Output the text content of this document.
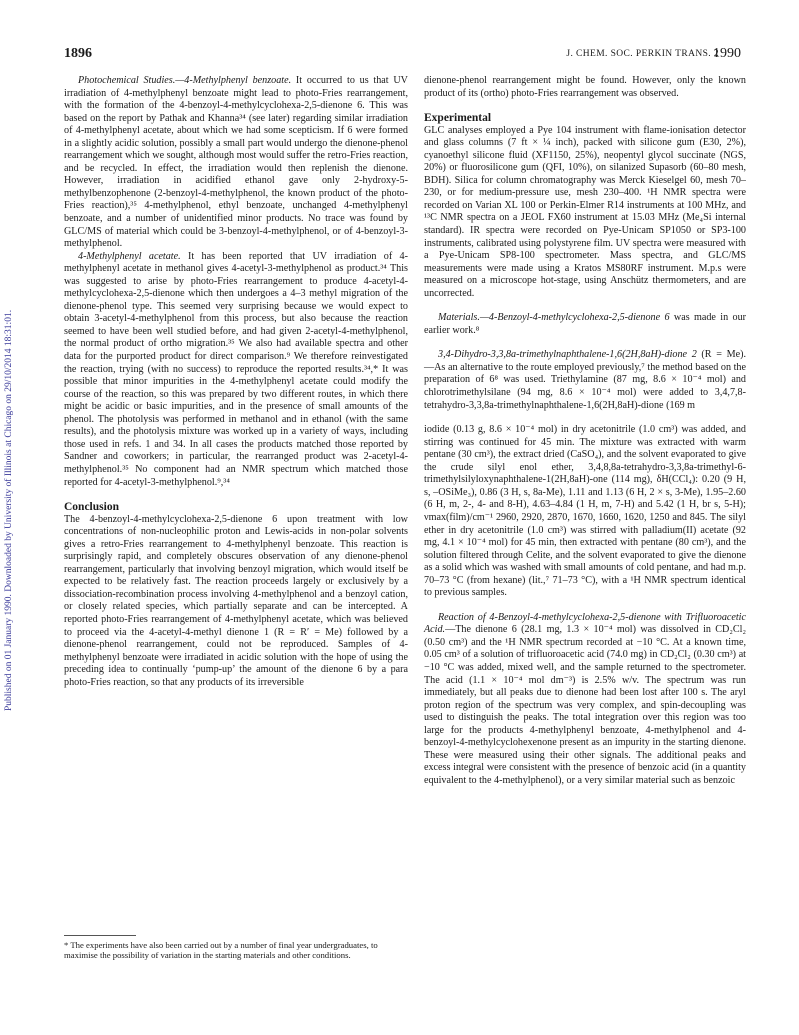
Published on 01 January 1990. Downloaded by University of Illinois at Chicago on 29/10/2014 18:31:01.
1896	J. CHEM. SOC. PERKIN TRANS. 2
1990

Photochemical Studies.—4-Methylphenyl benzoate. It occurred to us that UV irradiation of 4-methylphenyl benzoate might lead to photo-Fries rearrangement, with the formation of the 4-benzoyl-4-methylcyclohexa-2,5-dienone 6. This was based on the report by Pathak and Khanna³⁴ (see later) regarding similar irradiation of 4-methylphenyl acetate, about which we had some scepticism. If 6 were formed in a slightly acidic solution, possibly a small part would undergo the dienone-phenol rearrangement which we sought, although most would suffer the retro-Fries reaction, and be recycled. In effect, the irradiation would then replenish the dienone. However, irradiation in acidified ethanol gave only 2-hydroxy-5-methylbenzophenone (2-benzoyl-4-methylphenol, the known product of the photo-Fries reaction),³⁵ 4-methylphenol, ethyl benzoate, unchanged 4-methylphenyl benzoate, and a number of unidentified minor products. No trace was found by GLC/MS of material which could be 3-benzoyl-4-methylphenol, or of 4-benzoyl-3-methylphenol.

4-Methylphenyl acetate. It has been reported that UV irradiation of 4-methylphenyl acetate in methanol gives 4-acetyl-3-methylphenol as product.³⁴ This was suggested to arise by photo-Fries rearrangement to produce 4-acetyl-4-methylcyclohexa-2,5-dienone which then undergoes a 4–3 methyl migration of the dienone-phenol type. This seemed very surprising because we would expect to obtain 3-acetyl-4-methylphenol from this process, but also because the reaction seemed to have been well studied before, and had given 2-acetyl-4-methylphenol, the normal product of ortho migration.³⁵ We also had available spectra and other data for the purported product for direct comparison.⁹ We therefore reinvestigated the reaction, trying (with no success) to reproduce the reported results.³⁴,* It was possible that minor impurities in the 4-methylphenyl acetate could modify the course of the reaction, so this was prepared by two different routes, in which there might be acidic or basic impurities, and in the presence of small amounts of the phenol. The photolysis was performed in methanol and in ethanol (with the same results), and the photolysis mixture was worked up in a variety of ways, including those used in refs. 1 and 34. In all cases the products matched those reported by Sandner and coworkers; in particular, the rearranged product was 2-acetyl-4-methylphenol.³⁵ No component had an NMR spectrum which matched those reported for 4-acetyl-3-methylphenol.⁹,³⁴

Conclusion

The 4-benzoyl-4-methylcyclohexa-2,5-dienone 6 upon treatment with low concentrations of non-nucleophilic proton and Lewis-acids in non-polar solvents gives a retro-Fries rearrangement to 4-methylphenyl benzoate. This reaction is surprisingly rapid, and completely obscures observation of any dienone-phenol rearrangement, particularly that involving benzoyl migration, which would itself be expected to be relatively fast. The reaction proceeds largely or exclusively by a dissociation-recombination process involving 4-methylphenol and a benzoyl cation, or closely related species, which partially separate and can be intercepted. A reported photo-Fries rearrangement of 4-methylphenyl acetate, which was believed to proceed via the 4-acetyl-4-methyl dienone 1 (R = R′ = Me) followed by a dienone-phenol rearrangement, could not be reproduced. Samples of 4-methylphenyl benzoate were irradiated in acidic solution with the hope of using the preceding idea to continually ‘pump-up’ the amount of the dienone 6 by a para photo-Fries reaction, so that any products of its irreversible

* The experiments have also been carried out by a number of final year undergraduates, to maximise the possibility of variation in the starting materials and other conditions.

dienone-phenol rearrangement might be found. However, only the known product of its (ortho) photo-Fries rearrangement was observed.

Experimental

GLC analyses employed a Pye 104 instrument with flame-ionisation detector and glass columns (7 ft × ¼ inch), packed with silicone gum (E30, 2%), cyanoethyl silicone fluid (XF1150, 25%), neopentyl glycol succinate (NGS, 20%) or fluorosilicone gum (QFI, 10%), on silanized Supasorb (60–80 mesh, BDH). Silica for column chromatography was Merck Kieselgel 60, mesh 70–230, or for medium-pressure use, mesh 230–400. ¹H NMR spectra were recorded on Varian XL 100 or Perkin-Elmer R14 instruments at 100 MHz, and ¹³C NMR spectra on a JEOL FX60 instrument at 15.03 MHz (Me₄Si internal standard). IR spectra were recorded on Pye-Unicam SP1050 or SP3-100 instruments, calibrated using polystyrene film. UV spectra were measured with a Pye-Unicam SP8-100 spectrometer. Mass spectra, and GLC/MS measurements were made using a Kratos MS80RF instrument. M.p.s were measured on a microscope hot-stage, using Anschütz thermometers, and are uncorrected.

Materials.—4-Benzoyl-4-methylcyclohexa-2,5-dienone 6 was made in our earlier work.⁸

3,4-Dihydro-3,3,8a-trimethylnaphthalene-1,6(2H,8aH)-dione 2 (R = Me).—As an alternative to the route employed previously,⁷ the method based on the preparation of 6⁸ was used. Triethylamine (87 mg, 8.6 × 10⁻⁴ mol) and chlorotrimethylsilane (94 mg, 8.6 × 10⁻⁴ mol) were added to 3,4,7,8-tetrahydro-3,3,8a-trimethylnaphthalene-1,6(2H,8aH)-dione (169 m

iodide (0.13 g, 8.6 × 10⁻⁴ mol) in dry acetonitrile (1.0 cm³) was added, and stirring was continued for 45 min. The mixture was extracted with warm pentane (30 cm³), the extract dried (CaSO₄), and the solvent evaporated to give the crude silyl enol ether, 3,4,8,8a-tetrahydro-3,3,8a-trimethyl-6-trimethylsilyloxynaphthalene-1(2H,8aH)-one (114 mg), δH(CCl₄): 0.20 (9 H, s, –OSiMe₃), 0.86 (3 H, s, 8a-Me), 1.11 and 1.13 (6 H, 2 × s, 3-Me), 1.95–2.60 (6 H, m, 2-, 4- and 8-H), 4.63–4.84 (1 H, m, 7-H) and 5.42 (1 H, br s, 5-H); νmax(film)/cm⁻¹ 2960, 2920, 2870, 1670, 1660, 1620, 1250 and 845. The silyl ether in dry acetonitrile (1.0 cm³) was stirred with palladium(II) acetate (92 mg, 4.1 × 10⁻⁴ mol) for 45 min, then extracted with pentane (80 cm³), and the solution filtered through Celite, and the solvent evaporated to give the dienone as a solid which was washed with small amounts of cold pentane, and had m.p. 70–73 °C (from hexane) (lit.,⁷ 71–73 °C), with a ¹H NMR spectrum identical to previous samples.

Reaction of 4-Benzoyl-4-methylcyclohexa-2,5-dienone with Trifluoroacetic Acid.—The dienone 6 (28.1 mg, 1.3 × 10⁻⁴ mol) was dissolved in CD₂Cl₂ (0.50 cm³) and the ¹H NMR spectrum recorded at −10 °C. At a known time, 0.05 cm³ of a solution of trifluoroacetic acid (74.0 mg) in CD₂Cl₂ (0.30 cm³) at −10 °C was added, mixed well, and the sample returned to the spectrometer. The acid (1.1 × 10⁻⁴ mol dm⁻³) is 2.5% w/v. The spectrum was run immediately, but all peaks due to dienone had been lost after 100 s. The aryl proton region of the spectrum was very complex, and spin-decoupling was used to distinguish the peaks. The total integration over this region was too large for the products 4-methylphenyl benzoate, 4-methylphenol and 4-benzoyl-4-methylcyclohexenone present as an impurity in the starting dienone. These were measured using their other signals. The additional peaks and excess integral were consistent with the presence of benzoic acid (in a quantity equivalent to the 4-methylphenol), or a very similar material such as benzoic
